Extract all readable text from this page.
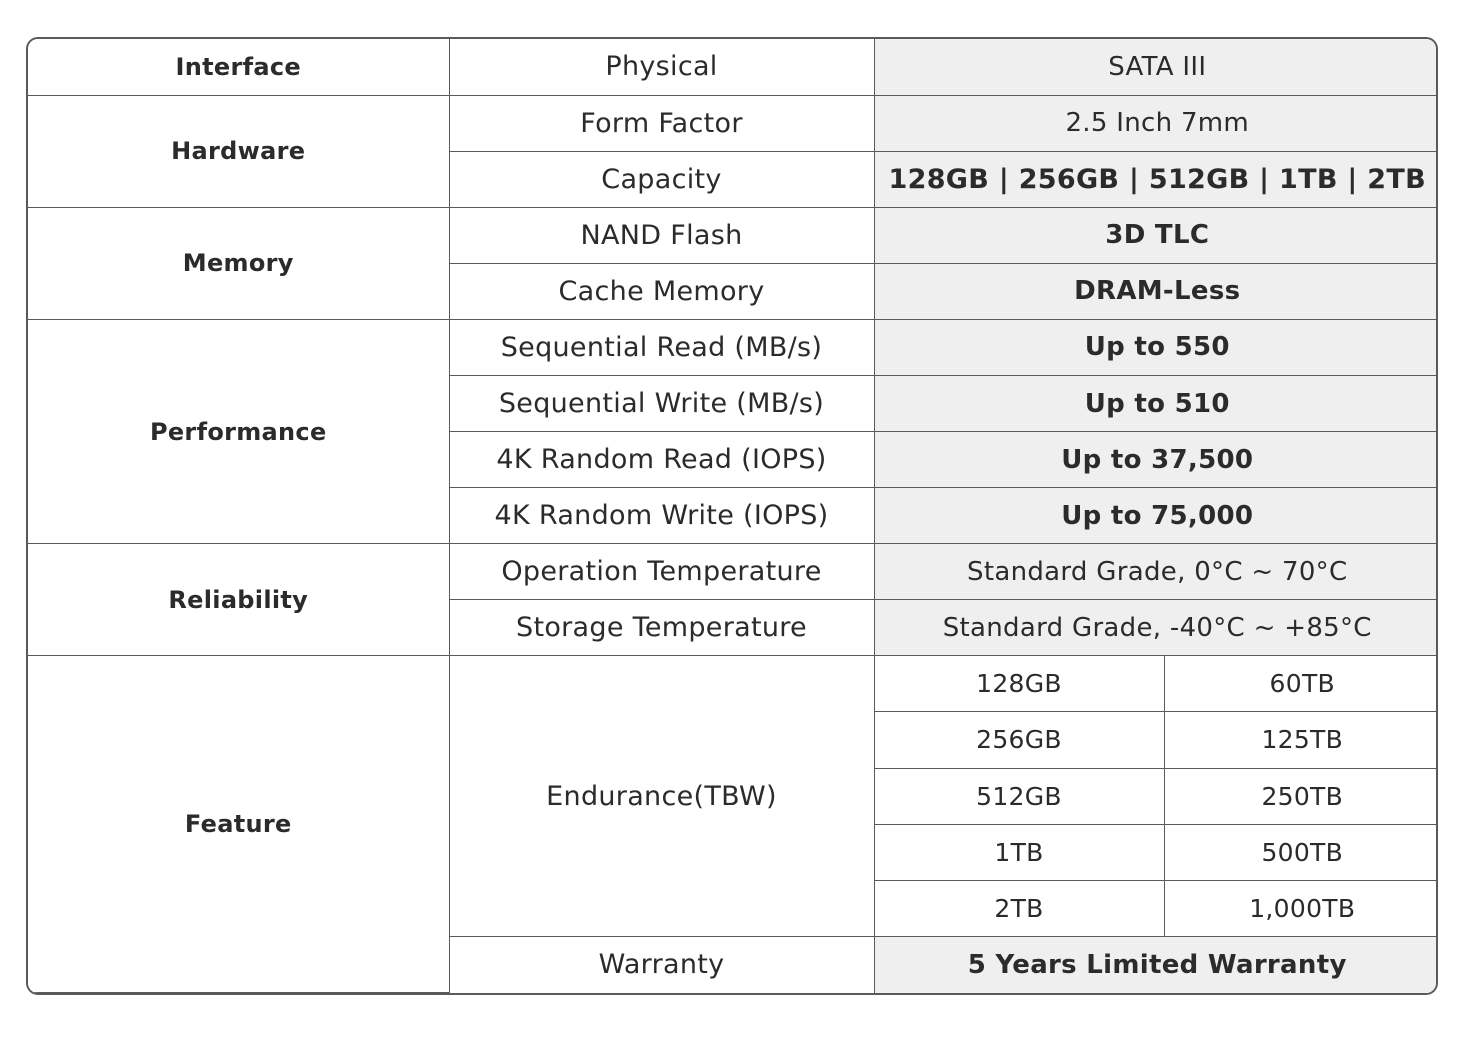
Interface	Physical	SATA III	
Hardware	Form Factor	2.5 Inch 7mm	
	Capacity	128GB | 256GB | 512GB | 1TB | 2TB	
Memory	NAND Flash	3D TLC	
	Cache Memory	DRAM-Less	
Performance	Sequential Read (MB/s)	Up to 550	
	Sequential Write (MB/s)	Up to 510	
	4K Random Read (IOPS)	Up to 37,500	
	4K Random Write (IOPS)	Up to 75,000	
Reliability	Operation Temperature	Standard Grade, 0°C ~ 70°C	
	Storage Temperature	Standard Grade, -40°C ~ +85°C	
Feature	Endurance(TBW)	128GB	60TB
		256GB	125TB
		512GB	250TB
		1TB	500TB
		2TB	1,000TB
	Warranty	5 Years Limited Warranty	
